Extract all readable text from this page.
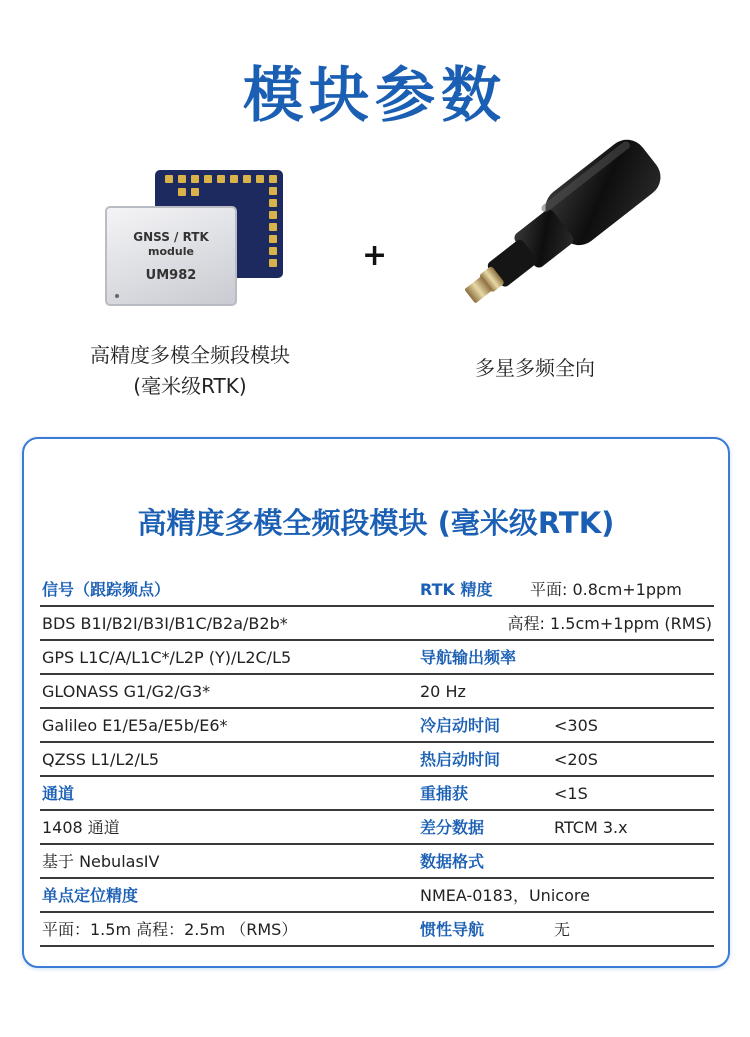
模块参数
GNSS / RTK
module
UM982
+
高精度多模全频段模块
(毫米级RTK)
多星多频全向
高精度多模全频段模块 (毫米级RTK)
信号（跟踪频点）	RTK 精度 平面: 0.8cm+1ppm
BDS B1I/B2I/B3I/B1C/B2a/B2b*	高程: 1.5cm+1ppm (RMS)
GPS L1C/A/L1C*/L2P (Y)/L2C/L5	导航输出频率
GLONASS G1/G2/G3*	20 Hz
Galileo E1/E5a/E5b/E6*	冷启动时间	<30S
QZSS L1/L2/L5	热启动时间	<20S
通道	重捕获	<1S
1408 通道	差分数据	RTCM 3.x
基于 NebulasIV	数据格式
单点定位精度	NMEA-0183，Unicore
平面：1.5m 高程：2.5m （RMS）	惯性导航	无
